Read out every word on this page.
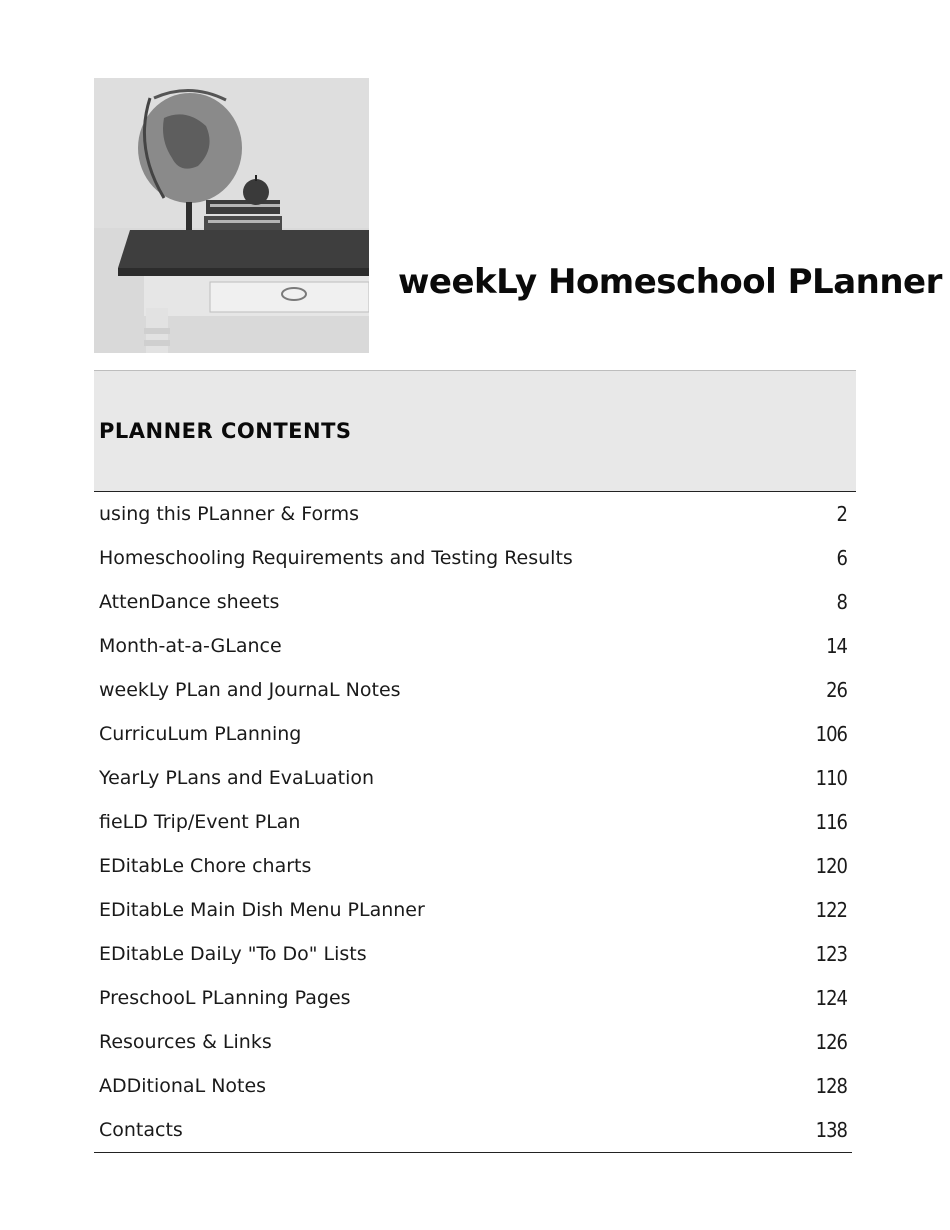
weekLy Homeschool PLanner
PLANNER CONTENTS
using this PLanner & Forms	2
Homeschooling Requirements and Testing Results	6
AttenDance sheets	8
Month-at-a-GLance	14
weekLy PLan and JournaL Notes	26
CurricuLum PLanning	106
YearLy PLans and EvaLuation	110
fieLD Trip/Event PLan	116
EDitabLe Chore charts	120
EDitabLe Main Dish Menu PLanner	122
EDitabLe DaiLy "To Do" Lists	123
PreschooL PLanning Pages	124
Resources & Links	126
ADDitionaL Notes	128
Contacts	138
